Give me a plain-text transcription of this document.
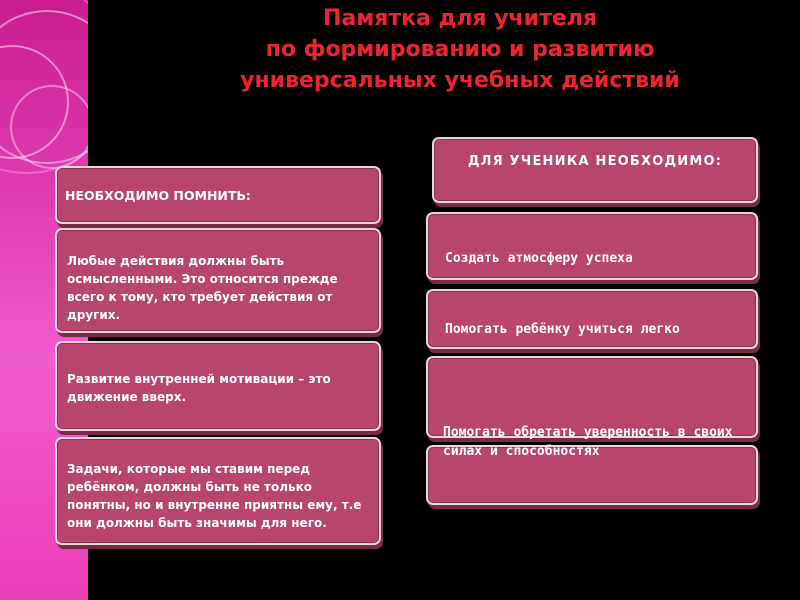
Памятка для учителя
по формированию и развитию
универсальных учебных действий
НЕОБХОДИМО ПОМНИТЬ:
Любые действия должны быть осмысленными. Это относится прежде всего к тому, кто требует действия от других.
Развитие внутренней мотивации – это движение вверх.
Задачи, которые мы ставим перед ребёнком, должны быть не только понятны, но и внутренне приятны ему, т.е они должны быть значимы для него.
ДЛЯ УЧЕНИКА НЕОБХОДИМО:
Создать атмосферу успеха
Помогать ребёнку учиться легко
Помогать обретать уверенность в своих силах и способностях
